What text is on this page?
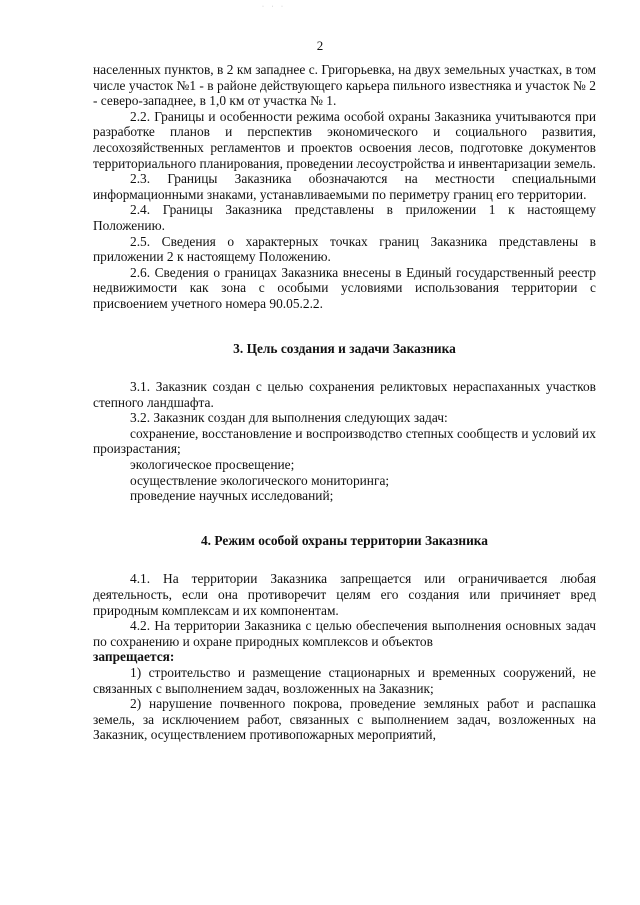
· · ·
2

населенных пунктов, в 2 км западнее с. Григорьевка, на двух земельных участках, в том числе участок №1 - в районе действующего карьера пильного известняка и участок № 2 - северо-западнее, в 1,0 км от участка № 1.

2.2. Границы и особенности режима особой охраны Заказника учитываются при разработке планов и перспектив экономического и социального развития, лесохозяйственных регламентов и проектов освоения лесов, подготовке документов территориального планирования, проведении лесоустройства и инвентаризации земель.

2.3. Границы Заказника обозначаются на местности специальными информационными знаками, устанавливаемыми по периметру границ его территории.

2.4. Границы Заказника представлены в приложении 1 к настоящему Положению.

2.5. Сведения о характерных точках границ Заказника представлены в приложении 2 к настоящему Положению.

2.6. Сведения о границах Заказника внесены в Единый государственный реестр недвижимости как зона с особыми условиями использования территории с присвоением учетного номера 90.05.2.2.

3. Цель создания и задачи Заказника

3.1. Заказник создан с целью сохранения реликтовых нераспаханных участков степного ландшафта.

3.2. Заказник создан для выполнения следующих задач:

сохранение, восстановление и воспроизводство степных сообществ и условий их произрастания;

экологическое просвещение;

осуществление экологического мониторинга;

проведение научных исследований;

4. Режим особой охраны территории Заказника

4.1. На территории Заказника запрещается или ограничивается любая деятельность, если она противоречит целям его создания или причиняет вред природным комплексам и их компонентам.

4.2. На территории Заказника с целью обеспечения выполнения основных задач по сохранению и охране природных комплексов и объектов

запрещается:

1) строительство и размещение стационарных и временных сооружений, не связанных с выполнением задач, возложенных на Заказник;

2) нарушение почвенного покрова, проведение земляных работ и распашка земель, за исключением работ, связанных с выполнением задач, возложенных на Заказник, осуществлением противопожарных мероприятий,
